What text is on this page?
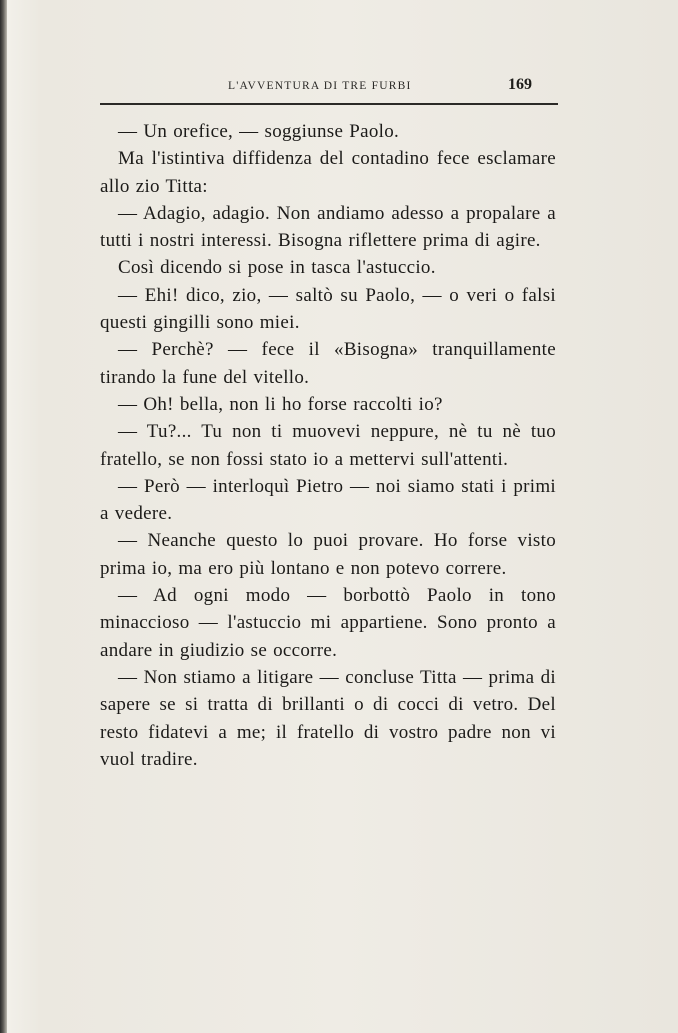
L'AVVENTURA DI TRE FURBI	169

— Un orefice, — soggiunse Paolo.

Ma l'istintiva diffidenza del contadino fece esclamare allo zio Titta:

— Adagio, adagio. Non andiamo adesso a propalare a tutti i nostri interessi. Bisogna riflettere prima di agire.

Così dicendo si pose in tasca l'astuccio.

— Ehi! dico, zio, — saltò su Paolo, — o veri o falsi questi gingilli sono miei.

— Perchè? — fece il «Bisogna» tranquillamente tirando la fune del vitello.

— Oh! bella, non li ho forse raccolti io?

— Tu?... Tu non ti muovevi neppure, nè tu nè tuo fratello, se non fossi stato io a mettervi sull'attenti.

— Però — interloquì Pietro — noi siamo stati i primi a vedere.

— Neanche questo lo puoi provare. Ho forse visto prima io, ma ero più lontano e non potevo correre.

— Ad ogni modo — borbottò Paolo in tono minaccioso — l'astuccio mi appartiene. Sono pronto a andare in giudizio se occorre.

— Non stiamo a litigare — concluse Titta — prima di sapere se si tratta di brillanti o di cocci di vetro. Del resto fidatevi a me; il fratello di vostro padre non vi vuol tradire.
